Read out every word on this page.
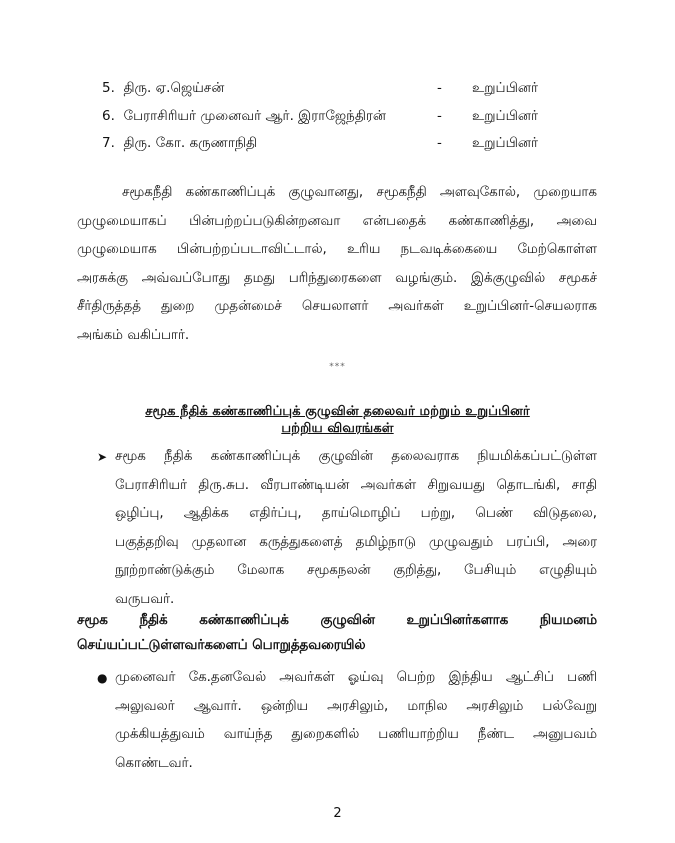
5. திரு. ஏ.ஜெய்சன்	- உறுப்பினர்
6. பேராசிரியர் முனைவர் ஆர். இராஜேந்திரன்	- உறுப்பினர்
7. திரு. கோ. கருணாநிதி	- உறுப்பினர்
சமூகநீதி கண்காணிப்புக் குழுவானது, சமூகநீதி அளவுகோல், முறையாக
முழுமையாகப் பின்பற்றப்படுகின்றனவா என்பதைக் கண்காணித்து, அவை
முழுமையாக பின்பற்றப்படாவிட்டால், உரிய நடவடிக்கையை மேற்கொள்ள
அரசுக்கு அவ்வப்போது தமது பரிந்துரைகளை வழங்கும். இக்குழுவில் சமூகச்
சீர்திருத்தத் துறை முதன்மைச் செயலாளர் அவர்கள் உறுப்பினர்-செயலராக
அங்கம் வகிப்பார்.
***
சமூக நீதிக் கண்காணிப்புக் குழுவின் தலைவர் மற்றும் உறுப்பினர்
பற்றிய விவரங்கள்
➤ சமூக நீதிக் கண்காணிப்புக் குழுவின் தலைவராக நியமிக்கப்பட்டுள்ள
பேராசிரியர் திரு.சுப. வீரபாண்டியன் அவர்கள் சிறுவயது தொடங்கி, சாதி
ஒழிப்பு, ஆதிக்க எதிர்ப்பு, தாய்மொழிப் பற்று, பெண் விடுதலை,
பகுத்தறிவு முதலான கருத்துகளைத் தமிழ்நாடு முழுவதும் பரப்பி, அரை
நூற்றாண்டுக்கும் மேலாக சமூகநலன் குறித்து, பேசியும் எழுதியும்
வருபவர்.
சமூக நீதிக் கண்காணிப்புக் குழுவின் உறுப்பினர்களாக நியமனம்
செய்யப்பட்டுள்ளவர்களைப் பொறுத்தவரையில்
● முனைவர் கே.தனவேல் அவர்கள் ஓய்வு பெற்ற இந்திய ஆட்சிப் பணி
அலுவலர் ஆவார். ஒன்றிய அரசிலும், மாநில அரசிலும் பல்வேறு
முக்கியத்துவம் வாய்ந்த துறைகளில் பணியாற்றிய நீண்ட அனுபவம்
கொண்டவர்.
2
